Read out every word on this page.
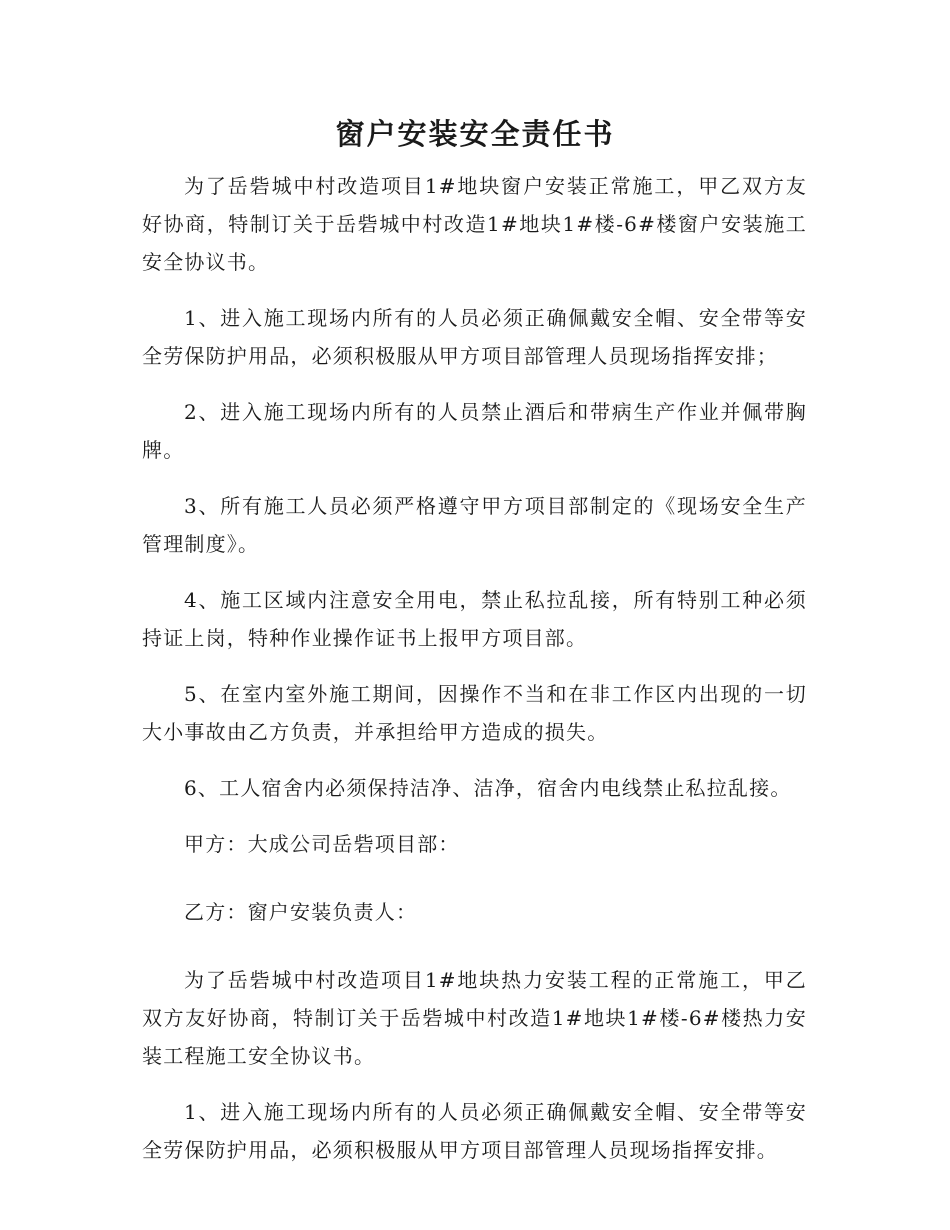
窗户安装安全责任书

为了岳砦城中村改造项目1#地块窗户安装正常施工，甲乙双方友好协商，特制订关于岳砦城中村改造1#地块1#楼-6#楼窗户安装施工安全协议书。

1、进入施工现场内所有的人员必须正确佩戴安全帽、安全带等安全劳保防护用品，必须积极服从甲方项目部管理人员现场指挥安排；

2、进入施工现场内所有的人员禁止酒后和带病生产作业并佩带胸牌。

3、所有施工人员必须严格遵守甲方项目部制定的《现场安全生产管理制度》。

4、施工区域内注意安全用电，禁止私拉乱接，所有特别工种必须持证上岗，特种作业操作证书上报甲方项目部。

5、在室内室外施工期间，因操作不当和在非工作区内出现的一切大小事故由乙方负责，并承担给甲方造成的损失。

6、工人宿舍内必须保持洁净、洁净，宿舍内电线禁止私拉乱接。

甲方：大成公司岳砦项目部：

乙方：窗户安装负责人：

为了岳砦城中村改造项目1#地块热力安装工程的正常施工，甲乙双方友好协商，特制订关于岳砦城中村改造1#地块1#楼-6#楼热力安装工程施工安全协议书。

1、进入施工现场内所有的人员必须正确佩戴安全帽、安全带等安全劳保防护用品，必须积极服从甲方项目部管理人员现场指挥安排。
